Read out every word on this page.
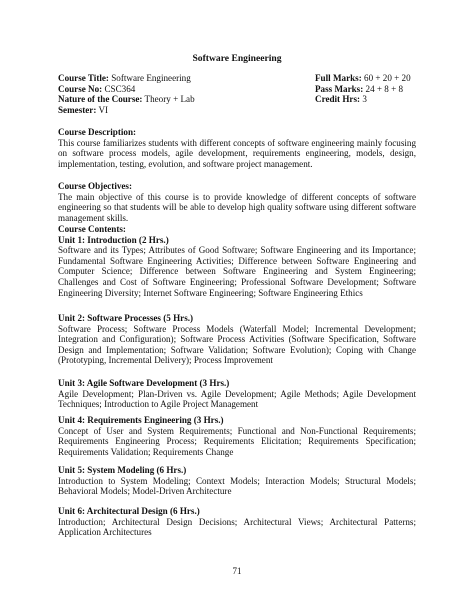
Software Engineering
Course Title: Software Engineering
Course No: CSC364
Nature of the Course: Theory + Lab
Semester: VI
Full Marks: 60 + 20 + 20
Pass Marks: 24 + 8 + 8
Credit Hrs: 3
Course Description:
This course familiarizes students with different concepts of software engineering mainly focusing on software process models, agile development, requirements engineering, models, design, implementation, testing, evolution, and software project management.
Course Objectives:
The main objective of this course is to provide knowledge of different concepts of software engineering so that students will be able to develop high quality software using different software management skills.
Course Contents:
Unit 1: Introduction (2 Hrs.)
Software and its Types; Attributes of Good Software; Software Engineering and its Importance; Fundamental Software Engineering Activities; Difference between Software Engineering and Computer Science; Difference between Software Engineering and System Engineering; Challenges and Cost of Software Engineering; Professional Software Development; Software Engineering Diversity; Internet Software Engineering; Software Engineering Ethics
Unit 2: Software Processes (5 Hrs.)
Software Process; Software Process Models (Waterfall Model; Incremental Development; Integration and Configuration); Software Process Activities (Software Specification, Software Design and Implementation; Software Validation; Software Evolution); Coping with Change (Prototyping, Incremental Delivery); Process Improvement
Unit 3: Agile Software Development (3 Hrs.)
Agile Development; Plan-Driven vs. Agile Development; Agile Methods; Agile Development Techniques; Introduction to Agile Project Management
Unit 4: Requirements Engineering (3 Hrs.)
Concept of User and System Requirements; Functional and Non-Functional Requirements; Requirements Engineering Process; Requirements Elicitation; Requirements Specification; Requirements Validation; Requirements Change
Unit 5: System Modeling (6 Hrs.)
Introduction to System Modeling; Context Models; Interaction Models; Structural Models; Behavioral Models; Model-Driven Architecture
Unit 6: Architectural Design (6 Hrs.)
Introduction; Architectural Design Decisions; Architectural Views; Architectural Patterns; Application Architectures
71
